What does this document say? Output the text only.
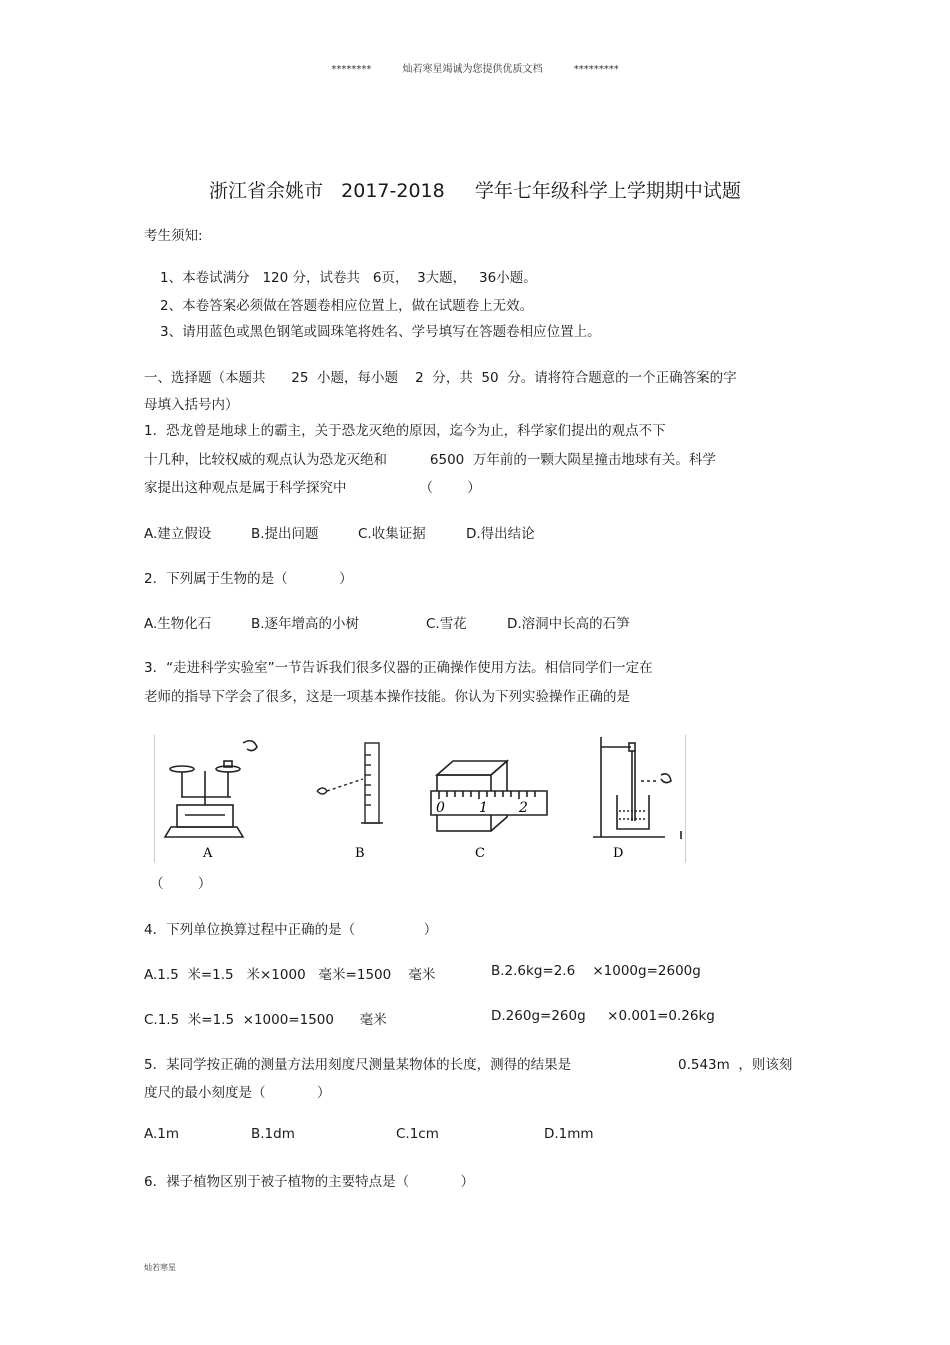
********	灿若寒星竭诚为您提供优质文档	*********
浙江省余姚市   2017-2018     学年七年级科学上学期期中试题
考生须知:
1、本卷试满分   120 分，试卷共   6页，  3大题，   36小题。
2、本卷答案必须做在答题卷相应位置上，做在试题卷上无效。
3、请用蓝色或黑色钢笔或圆珠笔将姓名、学号填写在答题卷相应位置上。
一、选择题（本题共      25  小题，每小题    2  分，共  50  分。请将符合题意的一个正确答案的字
母填入括号内）
1．恐龙曾是地球上的霸主，关于恐龙灭绝的原因，迄今为止，科学家们提出的观点不下
十几种，比较权威的观点认为恐龙灭绝和          6500  万年前的一颗大陨星撞击地球有关。科学
家提出这种观点是属于科学探究中                 （        ）
A.建立假设	B.提出问题	C.收集证据	D.得出结论
2．下列属于生物的是（            ）
A.生物化石	B.逐年增高的小树	C.雪花	D.溶洞中长高的石笋
3．“走进科学实验室”一节告诉我们很多仪器的正确操作使用方法。相信同学们一定在
老师的指导下学会了很多，这是一项基本操作技能。你认为下列实验操作正确的是
A	B
0 1 2
C	D
（        ）
4．下列单位换算过程中正确的是（                ）
A.1.5  米=1.5   米×1000   毫米=1500    毫米	B.2.6kg=2.6    ×1000g=2600g
C.1.5  米=1.5  ×1000=1500      毫米	D.260g=260g     ×0.001=0.26kg
5．某同学按正确的测量方法用刻度尺测量某物体的长度，测得的结果是	0.543m  ，则该刻
度尺的最小刻度是（            ）
A.1m	B.1dm	C.1cm	D.1mm
6．裸子植物区别于被子植物的主要特点是（            ）
灿若寒星
